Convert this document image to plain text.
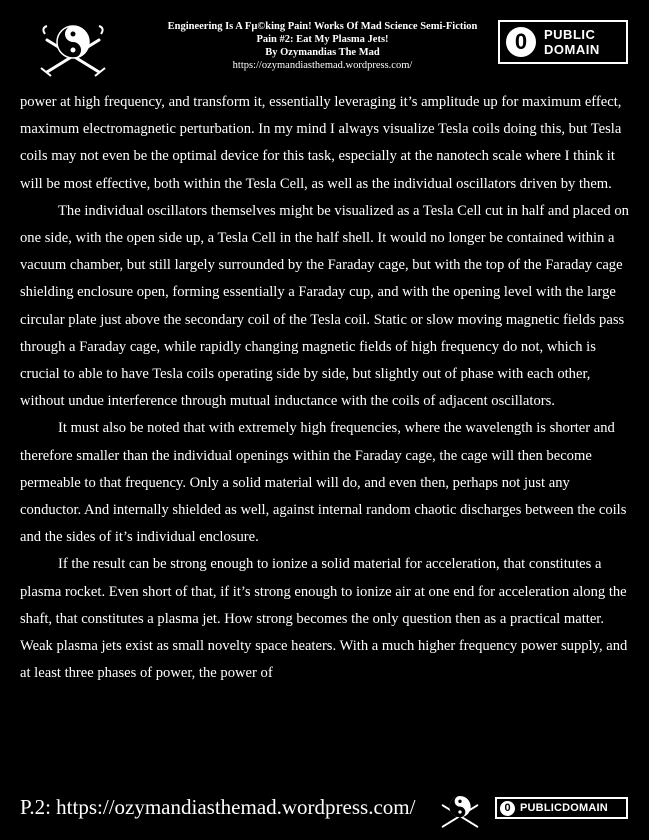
Engineering Is A Fµ©king Pain! Works Of Mad Science Semi-Fiction
Pain #2: Eat My Plasma Jets!
By Ozymandias The Mad
https://ozymandiasthemad.wordpress.com/
0 PUBLIC
DOMAIN

power at high frequency, and transform it, essentially leveraging it’s amplitude up for maximum effect, maximum electromagnetic perturbation. In my mind I always visualize Tesla coils doing this, but Tesla coils may not even be the optimal device for this task, especially at the nanotech scale where I think it will be most effective, both within the Tesla Cell, as well as the individual oscillators driven by them.

The individual oscillators themselves might be visualized as a Tesla Cell cut in half and placed on one side, with the open side up, a Tesla Cell in the half shell. It would no longer be contained within a vacuum chamber, but still largely surrounded by the Faraday cage, but with the top of the Faraday cage shielding enclosure open, forming essentially a Faraday cup, and with the opening level with the large circular plate just above the secondary coil of the Tesla coil. Static or slow moving magnetic fields pass through a Faraday cage, while rapidly changing magnetic fields of high frequency do not, which is crucial to able to have Tesla coils operating side by side, but slightly out of phase with each other, without undue interference through mutual inductance with the coils of adjacent oscillators.

It must also be noted that with extremely high frequencies, where the wavelength is shorter and therefore smaller than the individual openings within the Faraday cage, the cage will then become permeable to that frequency. Only a solid material will do, and even then, perhaps not just any conductor. And internally shielded as well, against internal random chaotic discharges between the coils and the sides of it’s individual enclosure.

If the result can be strong enough to ionize a solid material for acceleration, that constitutes a plasma rocket. Even short of that, if it’s strong enough to ionize air at one end for acceleration along the shaft, that constitutes a plasma jet. How strong becomes the only question then as a practical matter. Weak plasma jets exist as small novelty space heaters. With a much higher frequency power supply, and at least three phases of power, the power of

P.2: https://ozymandiasthemad.wordpress.com/	0 PUBLICDOMAIN
